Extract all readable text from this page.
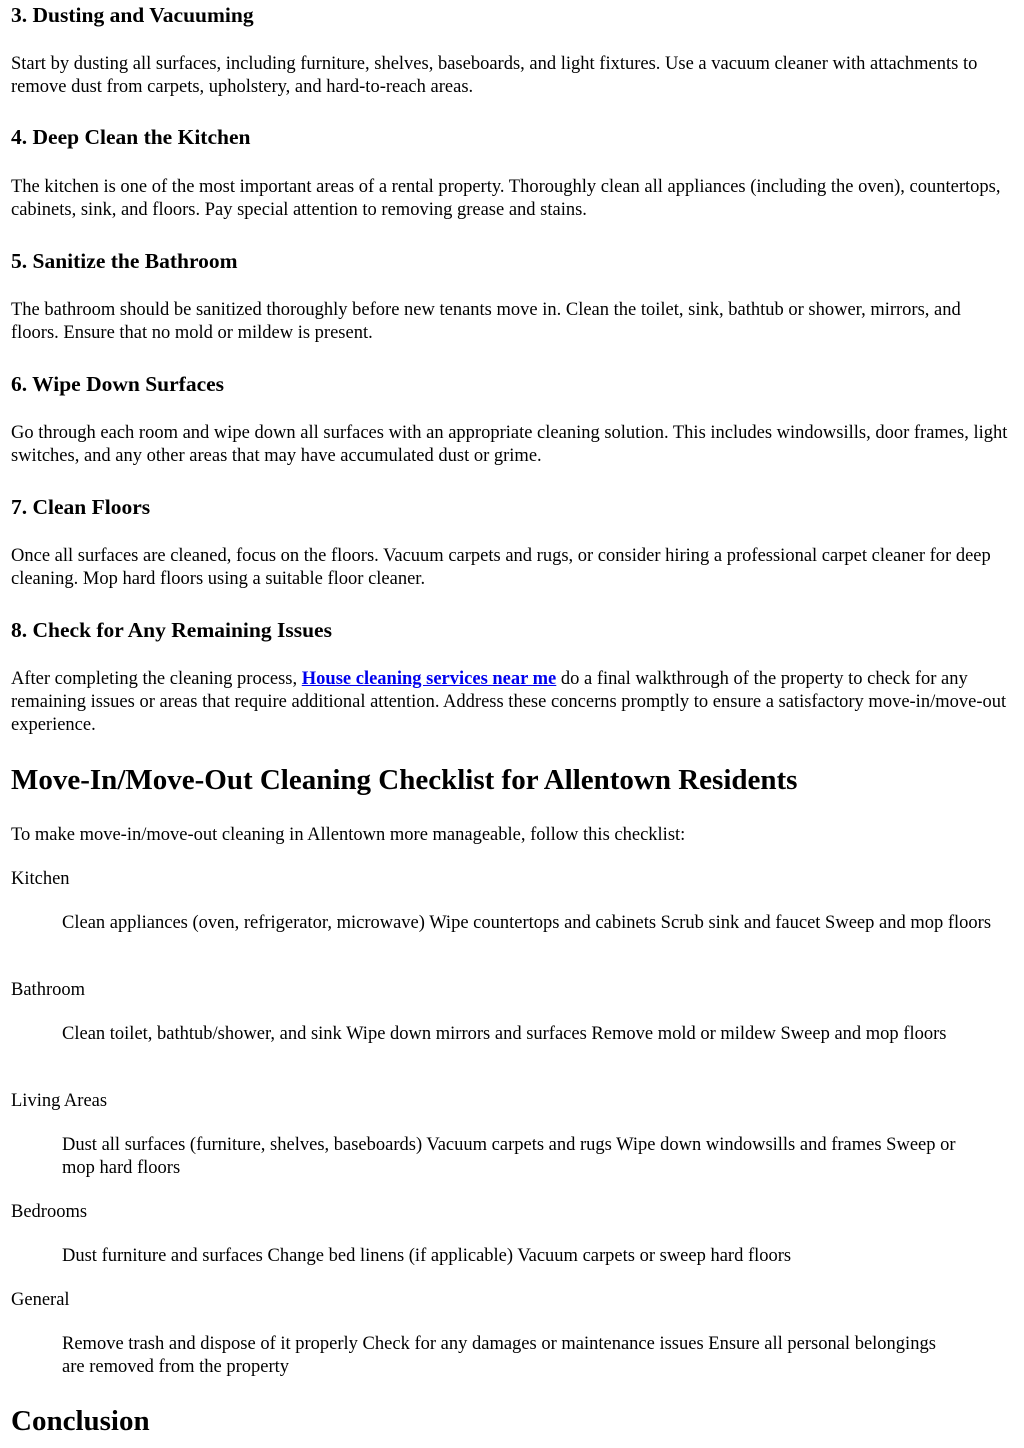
3. Dusting and Vacuuming

Start by dusting all surfaces, including furniture, shelves, baseboards, and light fixtures. Use a vacuum cleaner with attachments to remove dust from carpets, upholstery, and hard-to-reach areas.

4. Deep Clean the Kitchen

The kitchen is one of the most important areas of a rental property. Thoroughly clean all appliances (including the oven), countertops, cabinets, sink, and floors. Pay special attention to removing grease and stains.

5. Sanitize the Bathroom

The bathroom should be sanitized thoroughly before new tenants move in. Clean the toilet, sink, bathtub or shower, mirrors, and floors. Ensure that no mold or mildew is present.

6. Wipe Down Surfaces

Go through each room and wipe down all surfaces with an appropriate cleaning solution. This includes windowsills, door frames, light switches, and any other areas that may have accumulated dust or grime.

7. Clean Floors

Once all surfaces are cleaned, focus on the floors. Vacuum carpets and rugs, or consider hiring a professional carpet cleaner for deep cleaning. Mop hard floors using a suitable floor cleaner.

8. Check for Any Remaining Issues

After completing the cleaning process, House cleaning services near me do a final walkthrough of the property to check for any remaining issues or areas that require additional attention. Address these concerns promptly to ensure a satisfactory move-in/move-out experience.

Move-In/Move-Out Cleaning Checklist for Allentown Residents

To make move-in/move-out cleaning in Allentown more manageable, follow this checklist:

Kitchen

Clean appliances (oven, refrigerator, microwave) Wipe countertops and cabinets Scrub sink and faucet Sweep and mop floors

Bathroom

Clean toilet, bathtub/shower, and sink Wipe down mirrors and surfaces Remove mold or mildew Sweep and mop floors

Living Areas

Dust all surfaces (furniture, shelves, baseboards) Vacuum carpets and rugs Wipe down windowsills and frames Sweep or mop hard floors

Bedrooms

Dust furniture and surfaces Change bed linens (if applicable) Vacuum carpets or sweep hard floors

General

Remove trash and dispose of it properly Check for any damages or maintenance issues Ensure all personal belongings are removed from the property

Conclusion
